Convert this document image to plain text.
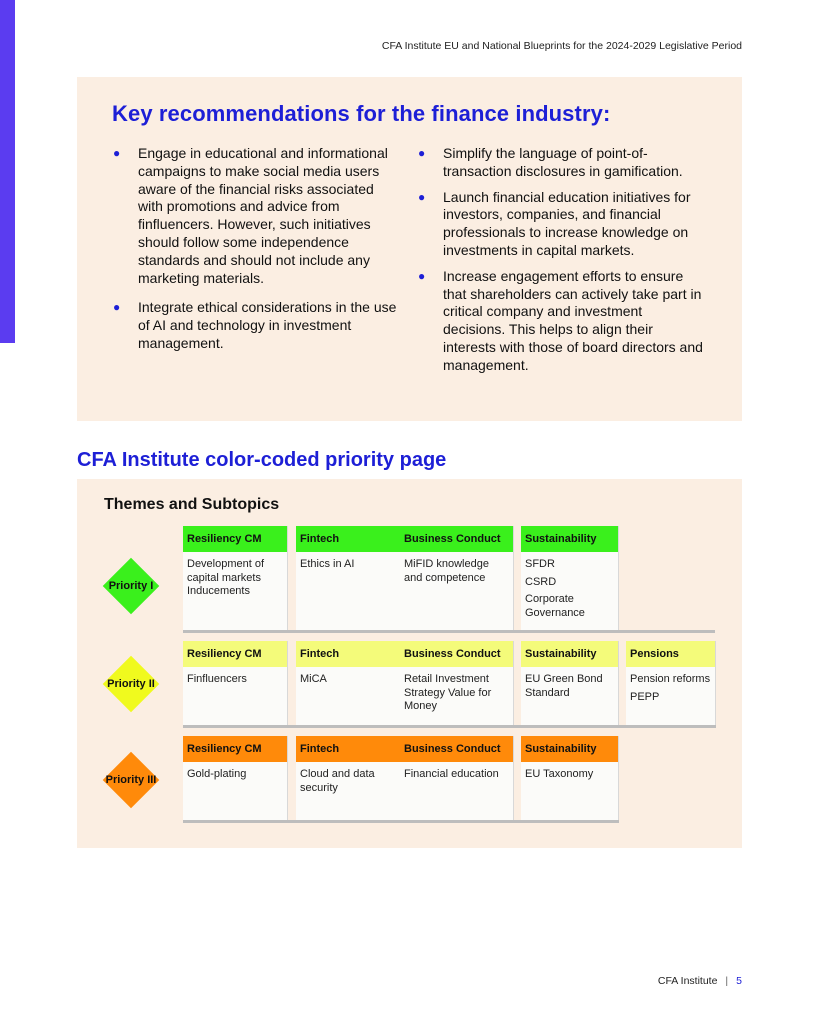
CFA Institute EU and National Blueprints for the 2024-2029 Legislative Period
Key recommendations for the finance industry:
● Engage in educational and informational campaigns to make social media users aware of the financial risks associated with promotions and advice from finfluencers. However, such initiatives should follow some independence standards and should not include any marketing materials.
● Integrate ethical considerations in the use of AI and technology in investment management.
● Simplify the language of point-of-transaction disclosures in gamification.
● Launch financial education initiatives for investors, companies, and financial professionals to increase knowledge on investments in capital markets.
● Increase engagement efforts to ensure that shareholders can actively take part in critical company and investment decisions. This helps to align their interests with those of board directors and management.
CFA Institute color-coded priority page
Themes and Subtopics
Priority I
Resiliency CM
Development of capital markets Inducements
Fintech
Ethics in AI
Business Conduct
MiFID knowledge and competence
Sustainability
SFDR
CSRD
Corporate Governance
Priority II
Resiliency CM
Finfluencers
Fintech
MiCA
Business Conduct
Retail Investment Strategy Value for Money
Sustainability
EU Green Bond Standard
Pensions
Pension reforms
PEPP
Priority III
Resiliency CM
Gold-plating
Fintech
Cloud and data security
Business Conduct
Financial education
Sustainability
EU Taxonomy
CFA Institute | 5
